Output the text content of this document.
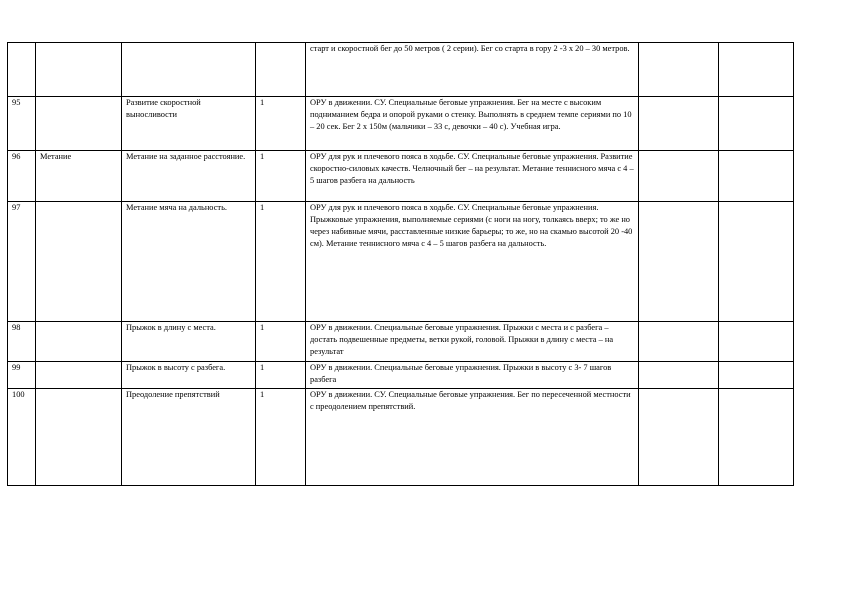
				старт и скоростной бег до 50 метров ( 2 серии). Бег со старта в гору 2 -3 х 20 – 30 метров.		

95		Развитие скоростной выносливости	1	ОРУ в движении. СУ. Специальные беговые упражнения. Бег на месте с высоким подниманием бедра и опорой руками о стенку. Выполнять в среднем темпе сериями по 10 – 20 сек. Бег 2 х 150м (мальчики – 33 с, девочки – 40 с). Учебная игра.		

96	Метание	Метание на заданное расстояние.	1	ОРУ для рук и плечевого пояса в ходьбе. СУ. Специальные беговые упражнения. Развитие скоростно-силовых качеств. Челночный бег – на результат. Метание теннисного мяча с 4 – 5 шагов разбега на дальность		

97		Метание мяча на дальность.	1	ОРУ для рук и плечевого пояса в ходьбе. СУ. Специальные беговые упражнения. Прыжковые упражнения, выполняемые сериями (с ноги на ногу, толкаясь вверх; то же но через набивные мячи, расставленные низкие барьеры; то же, но на скамью высотой 20 -40 см). Метание теннисного мяча с 4 – 5 шагов разбега на дальность.		

98		Прыжок в длину с места.	1	ОРУ в движении. Специальные беговые упражнения. Прыжки с места и с разбега – достать подвешенные предметы, ветки рукой, головой. Прыжки в длину с места – на результат		

99		Прыжок в высоту с разбега.	1	ОРУ в движении. Специальные беговые упражнения. Прыжки в высоту с 3- 7 шагов разбега		

100		Преодоление препятствий	1	ОРУ в движении. СУ. Специальные беговые упражнения. Бег по пересеченной местности с преодолением препятствий.		
